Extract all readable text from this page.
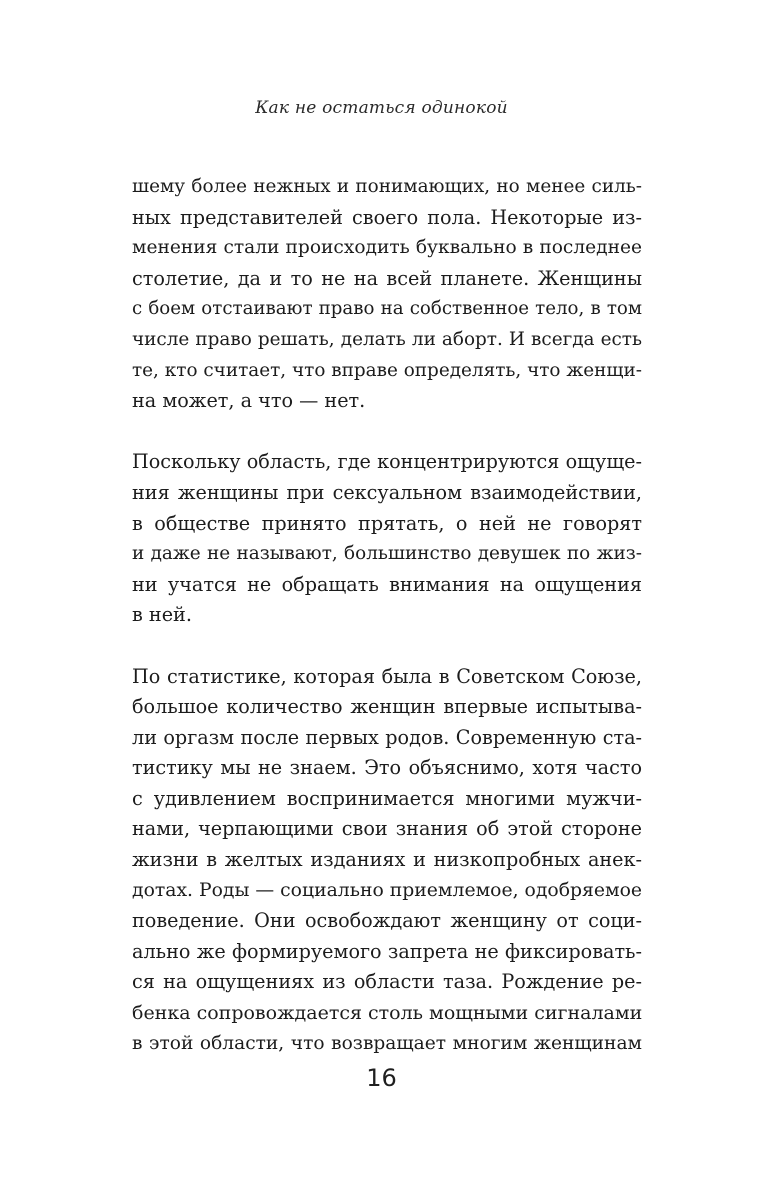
Как не остаться одинокой

шему более нежных и понимающих, но менее силь-
ных представителей своего пола. Некоторые из-
менения стали происходить буквально в последнее
столетие, да и то не на всей планете. Женщины
с боем отстаивают право на собственное тело, в том
числе право решать, делать ли аборт. И всегда есть
те, кто считает, что вправе определять, что женщи-
на может, а что — нет.

Поскольку область, где концентрируются ощуще-
ния женщины при сексуальном взаимодействии,
в обществе принято прятать, о ней не говорят
и даже не называют, большинство девушек по жиз-
ни учатся не обращать внимания на ощущения
в ней.

По статистике, которая была в Советском Союзе,
большое количество женщин впервые испытыва-
ли оргазм после первых родов. Современную ста-
тистику мы не знаем. Это объяснимо, хотя часто
с удивлением воспринимается многими мужчи-
нами, черпающими свои знания об этой стороне
жизни в желтых изданиях и низкопробных анек-
дотах. Роды — социально приемлемое, одобряемое
поведение. Они освобождают женщину от соци-
ально же формируемого запрета не фиксировать-
ся на ощущениях из области таза. Рождение ре-
бенка сопровождается столь мощными сигналами
в этой области, что возвращает многим женщинам

16
